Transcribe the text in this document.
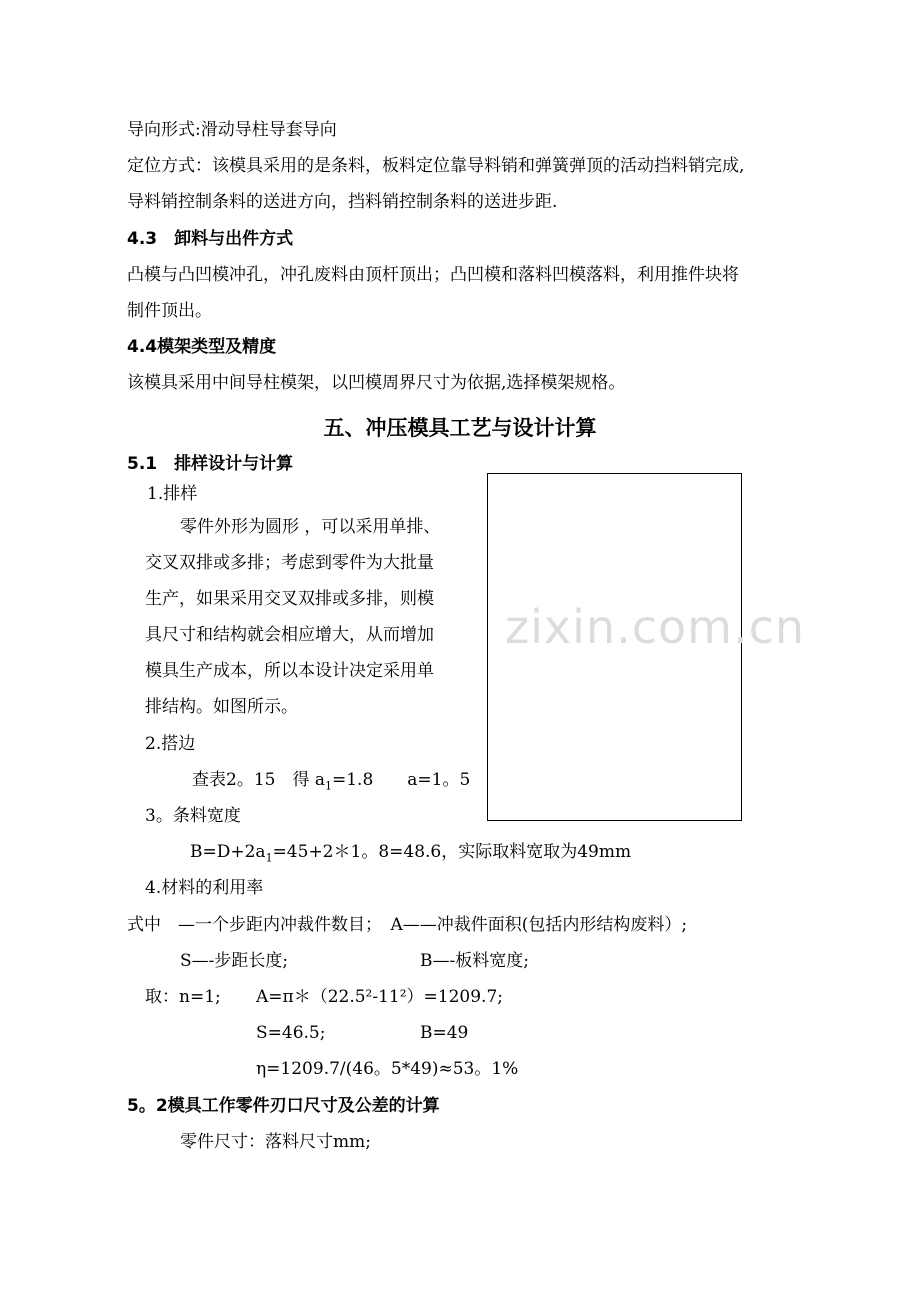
导向形式:滑动导柱导套导向
定位方式：该模具采用的是条料，板料定位靠导料销和弹簧弹顶的活动挡料销完成,
导料销控制条料的送进方向，挡料销控制条料的送进步距.
4.3　卸料与出件方式
凸模与凸凹模冲孔，冲孔废料由顶杆顶出；凸凹模和落料凹模落料，利用推件块将
制件顶出。
4.4模架类型及精度
该模具采用中间导柱模架，以凹模周界尺寸为依据,选择模架规格。
五、冲压模具工艺与设计计算
5.1　排样设计与计算
1.排样
零件外形为圆形 ，可以采用单排、
交叉双排或多排；考虑到零件为大批量
生产，如果采用交叉双排或多排，则模
具尺寸和结构就会相应增大，从而增加
模具生产成本，所以本设计决定采用单
排结构。如图所示。
2.搭边
查表2。15　得 $a_1=1.8$　　a=1。5
3。条料宽度
$B=D+2a_1=45+2*1$。8=48.6，实际取料宽取为49mm
4.材料的利用率
式中　—一个步距内冲裁件数目；　A——冲裁件面积(包括内形结构废料）;
S—-步距长度;	B—-板料宽度;
取：n=1; A=π＊（22.5²-11²）=1209.7;
S=46.5;	B=49
η=1209.7/(46。5*49)≈53。1%
5。2模具工作零件刃口尺寸及公差的计算
零件尺寸：落料尺寸mm;
zixin.com.cn
